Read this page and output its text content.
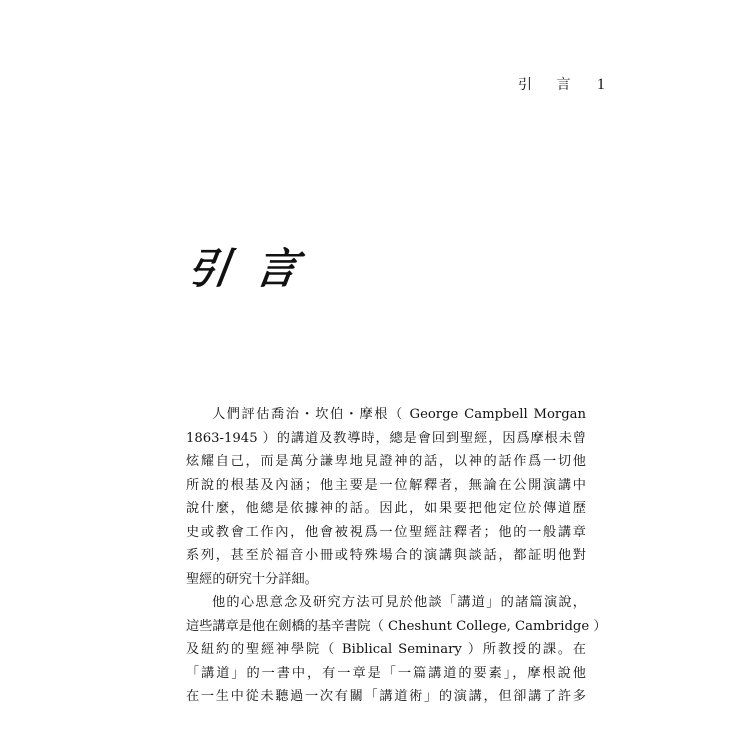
引 言 1
引言
人們評估喬治・坎伯・摩根（ George Campbell Morgan
1863-1945 ）的講道及教導時，總是會回到聖經，因爲摩根未曾
炫耀自己，而是萬分謙卑地見證神的話，以神的話作爲一切他
所說的根基及內涵；他主要是一位解釋者，無論在公開演講中
說什麼，他總是依據神的話。因此，如果要把他定位於傳道歷
史或教會工作內，他會被視爲一位聖經註釋者；他的一般講章
系列，甚至於福音小冊或特殊場合的演講與談話，都証明他對
聖經的研究十分詳細。
他的心思意念及研究方法可見於他談「講道」的諸篇演說，
這些講章是他在劍橋的基辛書院（ Cheshunt College, Cambridge ）
及紐約的聖經神學院（ Biblical Seminary ）所教授的課。在
「講道」的一書中，有一章是「一篇講道的要素」，摩根說他
在一生中從未聽過一次有關「講道術」的演講，但卻講了許多
